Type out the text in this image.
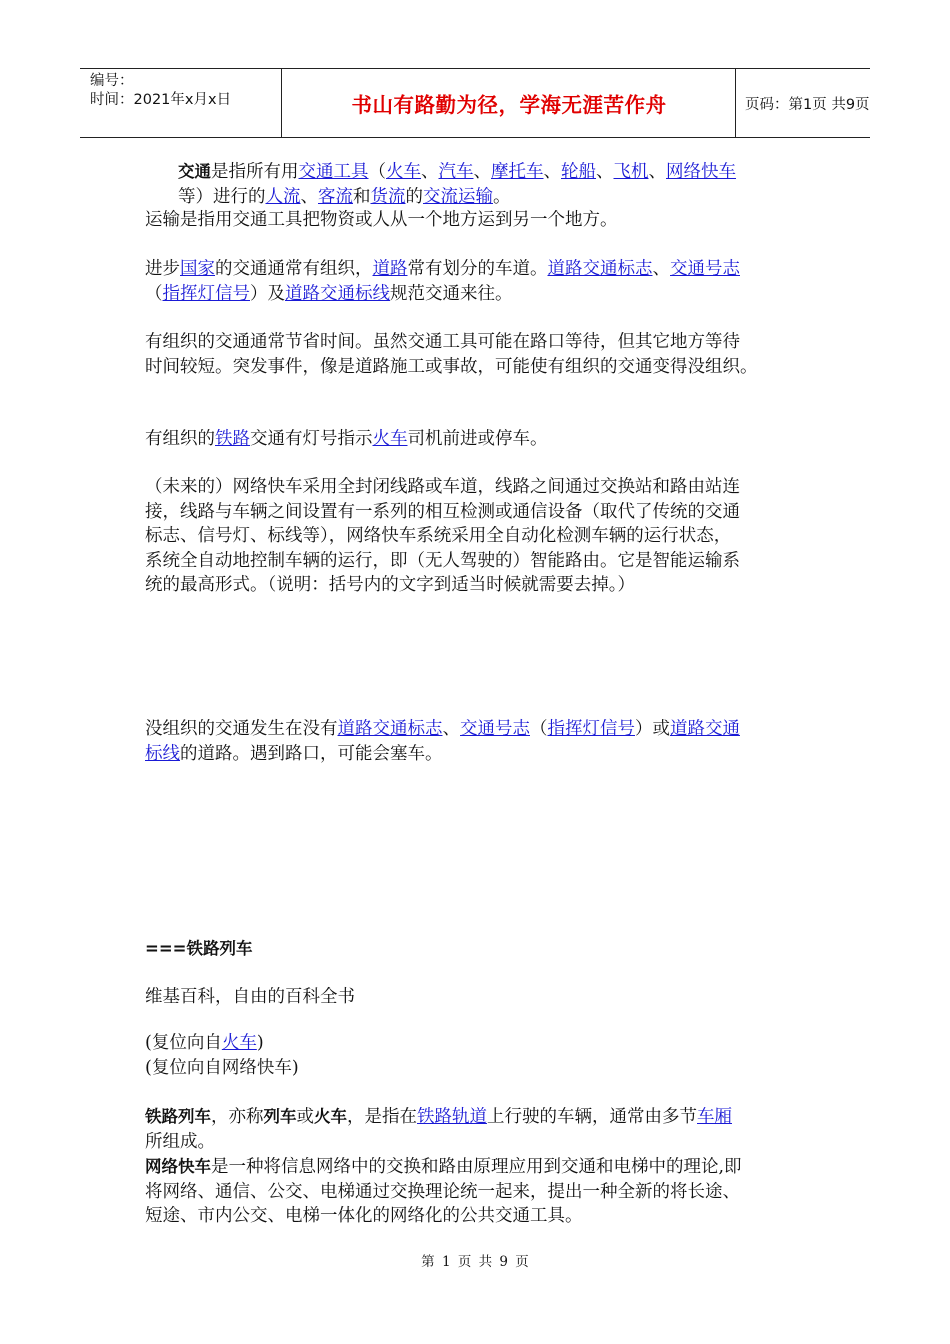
编号：
时间：2021年x月x日	书山有路勤为径，学海无涯苦作舟	页码：第1页 共9页
交通是指所有用交通工具（火车、汽车、摩托车、轮船、飞机、网络快车
等）进行的人流、客流和货流的交流运输。
运输是指用交通工具把物资或人从一个地方运到另一个地方。
进步国家的交通通常有组织，道路常有划分的车道。道路交通标志、交通号志
（指挥灯信号）及道路交通标线规范交通来往。
有组织的交通通常节省时间。虽然交通工具可能在路口等待，但其它地方等待
时间较短。突发事件，像是道路施工或事故，可能使有组织的交通变得没组织。
有组织的铁路交通有灯号指示火车司机前进或停车。
（未来的）网络快车采用全封闭线路或车道，线路之间通过交换站和路由站连
接，线路与车辆之间设置有一系列的相互检测或通信设备（取代了传统的交通
标志、信号灯、标线等），网络快车系统采用全自动化检测车辆的运行状态，
系统全自动地控制车辆的运行，即（无人驾驶的）智能路由。它是智能运输系
统的最高形式。（说明：括号内的文字到适当时候就需要去掉。）
没组织的交通发生在没有道路交通标志、交通号志（指挥灯信号）或道路交通
标线的道路。遇到路口，可能会塞车。
===铁路列车
维基百科，自由的百科全书
(复位向自火车)
(复位向自网络快车)
铁路列车，亦称列车或火车，是指在铁路轨道上行驶的车辆，通常由多节车厢
所组成。
网络快车是一种将信息网络中的交换和路由原理应用到交通和电梯中的理论,即
将网络、通信、公交、电梯通过交换理论统一起来，提出一种全新的将长途、
短途、市内公交、电梯一体化的网络化的公共交通工具。
第 1 页 共 9 页
